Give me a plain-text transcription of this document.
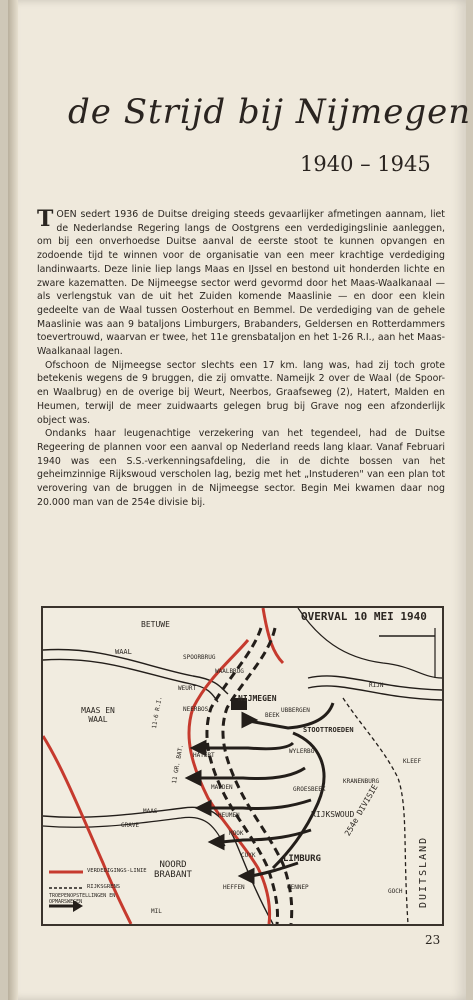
de Strijd bij Nijmegen
1940 – 1945

TOEN sedert 1936 de Duitse dreiging steeds gevaarlijker afmetingen aannam, liet de Nederlandse Regering langs de Oostgrens een verdedigingslinie aanleggen, om bij een onverhoedse Duitse aanval de eerste stoot te kunnen opvangen en zodoende tijd te winnen voor de organisatie van een meer krachtige verdediging landinwaarts. Deze linie liep langs Maas en IJssel en bestond uit honderden lichte en zware kazematten. De Nijmeegse sector werd gevormd door het Maas-Waalkanaal — als verlengstuk van de uit het Zuiden komende Maaslinie — en door een klein gedeelte van de Waal tussen Oosterhout en Bemmel. De verdediging van de gehele Maaslinie was aan 9 bataljons Limburgers, Brabanders, Geldersen en Rotterdammers toevertrouwd, waarvan er twee, het 11e grensbataljon en het 1-26 R.I., aan het Maas-Waalkanaal lagen.

Ofschoon de Nijmeegse sector slechts een 17 km. lang was, had zij toch grote betekenis wegens de 9 bruggen, die zij omvatte. Nameijk 2 over de Waal (de Spoor- en Waalbrug) en de overige bij Weurt, Neerbos, Graafseweg (2), Hatert, Malden en Heumen, terwijl de meer zuidwaarts gelegen brug bij Grave nog een afzonderlijk object was.

Ondanks haar leugenachtige verzekering van het tegendeel, had de Duitse Regeering de plannen voor een aanval op Nederland reeds lang klaar. Vanaf Februari 1940 was een S.S.-verkenningsafdeling, die in de dichte bossen van het geheimzinnige Rijkswoud verscholen lag, bezig met het „Instuderen" van een plan tot verovering van de bruggen in de Nijmeegse sector. Begin Mei kwamen daar nog 20.000 man van de 254e divisie bij.

OVERVAL 10 MEI 1940
BETUWE
WAAL
MAAS EN WAAL
NIJMEGEN
SPOORBRUG
WAALBRUG
WEURT
NEERBOS
HATERT
MALDEN
HEUMEN
MOOK
CUYK
GRAVE
MAAS
BEEK
UBBERGEN
WYLERBG
GROESBEEK
KRANENBURG
KLEEF
STOOTTROEDEN
RIJKSWOUD
254e DIVISIE
LIMBURG
NOORD BRABANT	DUITSLAND
GENNEP
GOCH
HEFFEN
RIJN
11-6 R.I.
11 GR. BAT.
VERDEDIGINGS-LINIE
RIJKSGRENS
TROEPENOPSTELLINGEN EN OPMARSWEGEN
MIL
23
